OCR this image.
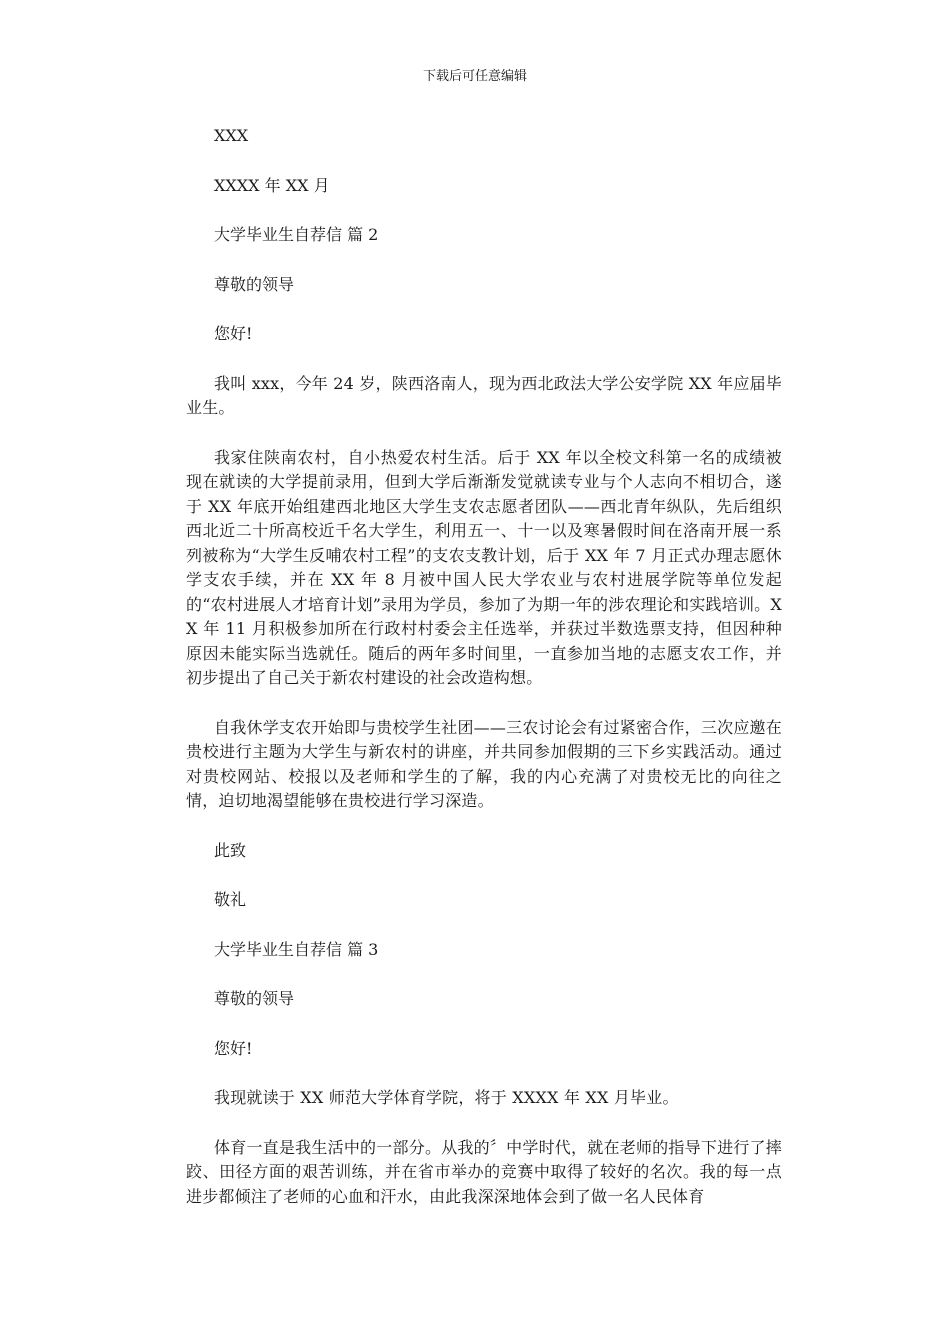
下载后可任意编辑
XXX
XXXX 年 XX 月
大学毕业生自荐信 篇 2
尊敬的领导
您好!
我叫 xxx，今年 24 岁，陕西洛南人，现为西北政法大学公安学院 XX 年应届毕业生。
我家住陕南农村，自小热爱农村生活。后于 XX 年以全校文科第一名的成绩被现在就读的大学提前录用，但到大学后渐渐发觉就读专业与个人志向不相切合，遂于 XX 年底开始组建西北地区大学生支农志愿者团队——西北青年纵队，先后组织西北近二十所高校近千名大学生，利用五一、十一以及寒暑假时间在洛南开展一系列被称为“大学生反哺农村工程”的支农支教计划，后于 XX 年 7 月正式办理志愿休学支农手续，并在 XX 年 8 月被中国人民大学农业与农村进展学院等单位发起的“农村进展人才培育计划”录用为学员，参加了为期一年的涉农理论和实践培训。XX 年 11 月积极参加所在行政村村委会主任选举，并获过半数选票支持，但因种种原因未能实际当选就任。随后的两年多时间里，一直参加当地的志愿支农工作，并初步提出了自己关于新农村建设的社会改造构想。
自我休学支农开始即与贵校学生社团——三农讨论会有过紧密合作，三次应邀在贵校进行主题为大学生与新农村的讲座，并共同参加假期的三下乡实践活动。通过对贵校网站、校报以及老师和学生的了解，我的内心充满了对贵校无比的向往之情，迫切地渴望能够在贵校进行学习深造。
此致
敬礼
大学毕业生自荐信 篇 3
尊敬的领导
您好!
我现就读于 XX 师范大学体育学院，将于 XXXX 年 XX 月毕业。
体育一直是我生活中的一部分。从我的〞中学时代，就在老师的指导下进行了摔跤、田径方面的艰苦训练，并在省市举办的竞赛中取得了较好的名次。我的每一点进步都倾注了老师的心血和汗水，由此我深深地体会到了做一名人民体育
